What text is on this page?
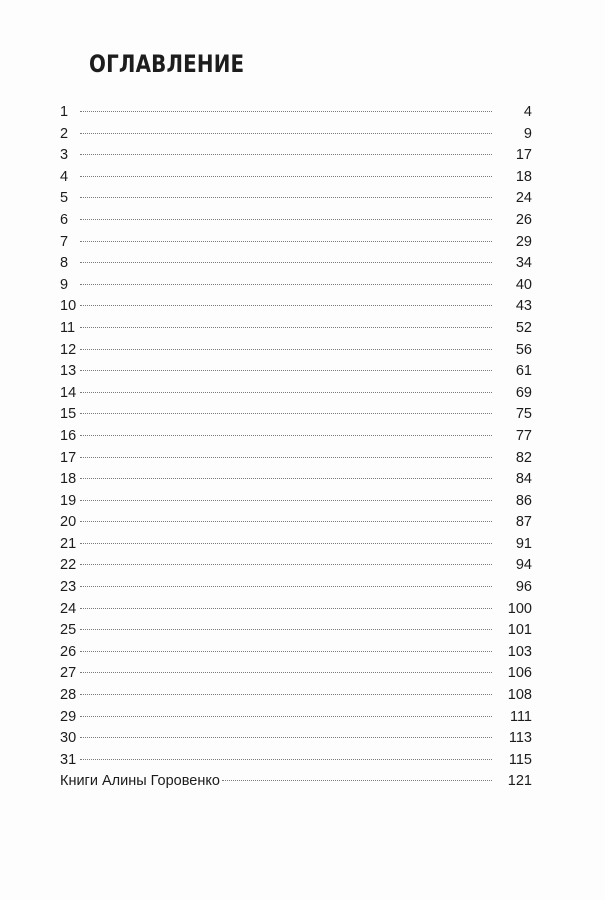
ОГЛАВЛЕНИЕ
1	4
2	9
3	17
4	18
5	24
6	26
7	29
8	34
9	40
10	43
11	52
12	56
13	61
14	69
15	75
16	77
17	82
18	84
19	86
20	87
21	91
22	94
23	96
24	100
25	101
26	103
27	106
28	108
29	111
30	113
31	115
Книги Алины Горовенко	121
